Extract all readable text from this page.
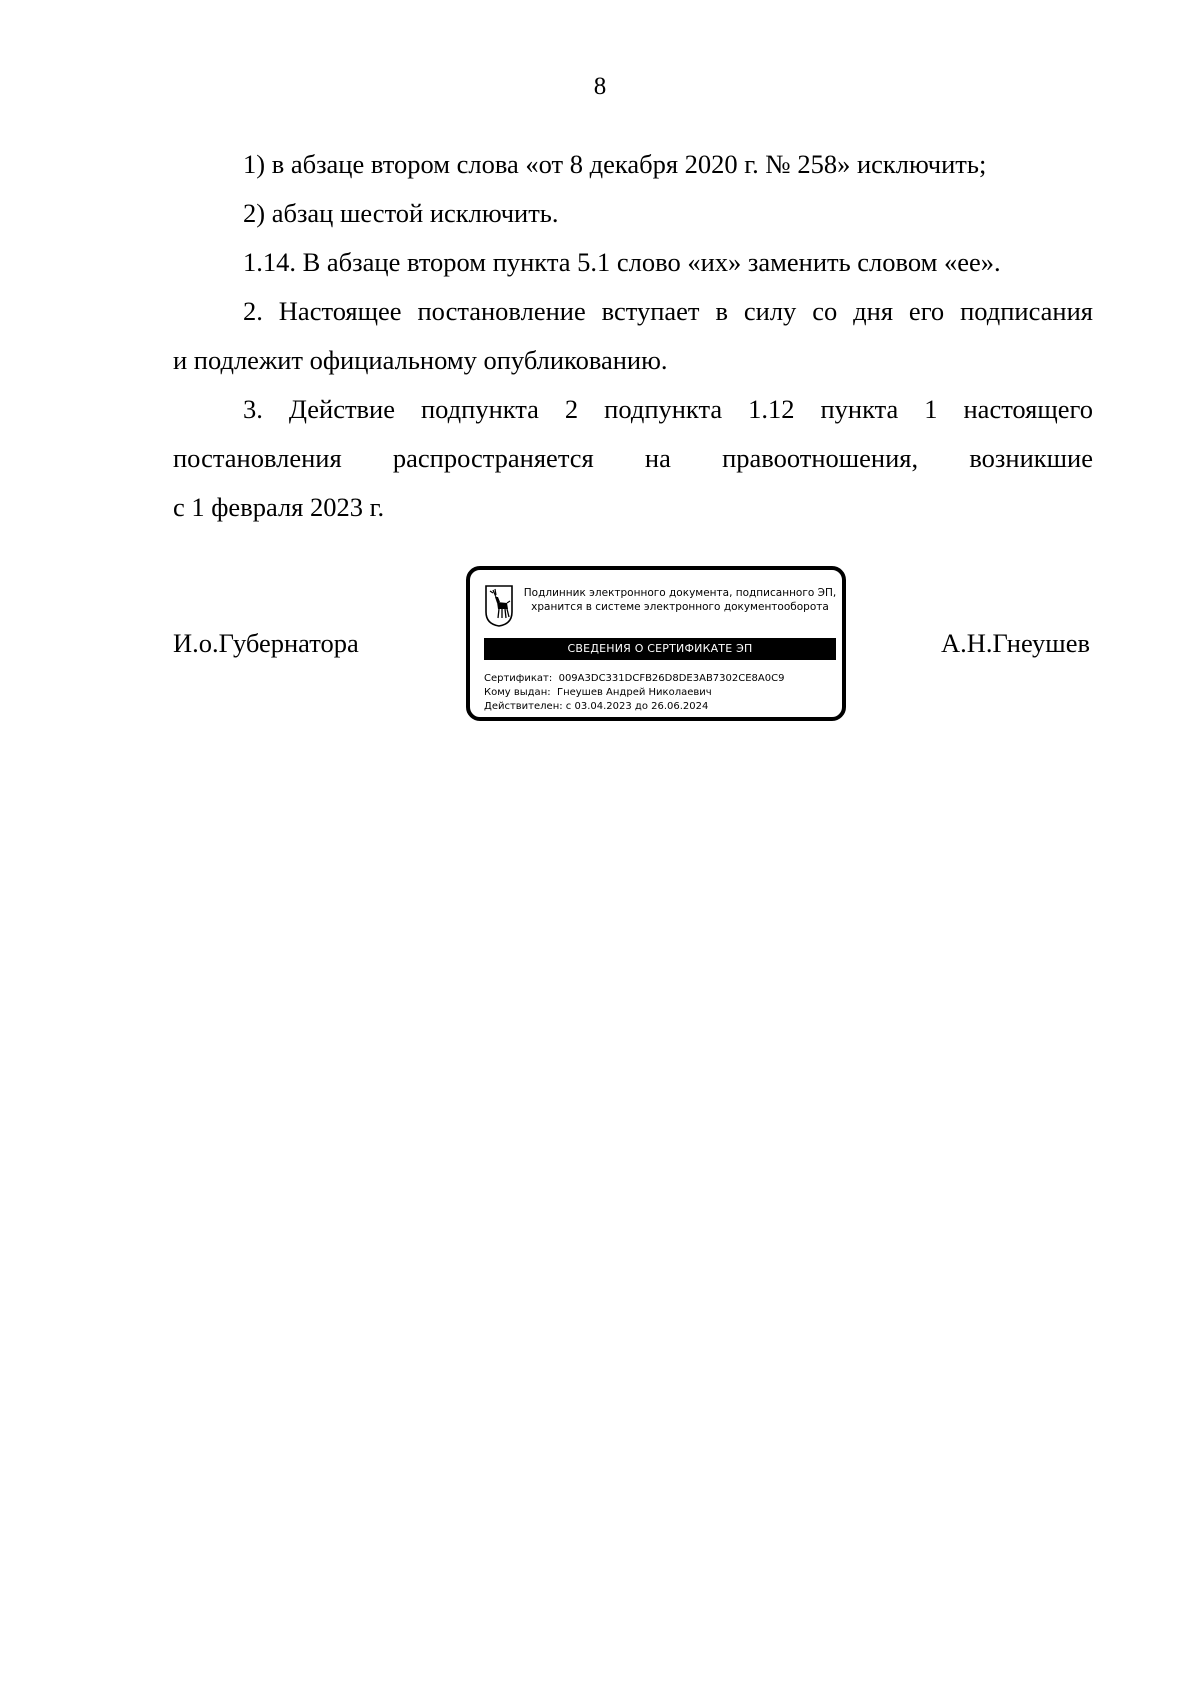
8

1) в абзаце втором слова «от 8 декабря 2020 г. № 258» исключить;

2) абзац шестой исключить.

1.14. В абзаце втором пункта 5.1 слово «их» заменить словом «ее».

2. Настоящее постановление вступает в силу со дня его подписания

и подлежит официальному опубликованию.

3. Действие подпункта 2 подпункта 1.12 пункта 1 настоящего

постановления распространяется на правоотношения, возникшие

с 1 февраля 2023 г.

И.о.Губернатора
Подлинник электронного документа, подписанного ЭП,
хранится в системе электронного документооборота
СВЕДЕНИЯ О СЕРТИФИКАТЕ ЭП
Сертификат: 009A3DC331DCFB26D8DE3AB7302CE8A0C9
Кому выдан: Гнеушев Андрей Николаевич
Действителен: с 03.04.2023 до 26.06.2024
А.Н.Гнеушев
